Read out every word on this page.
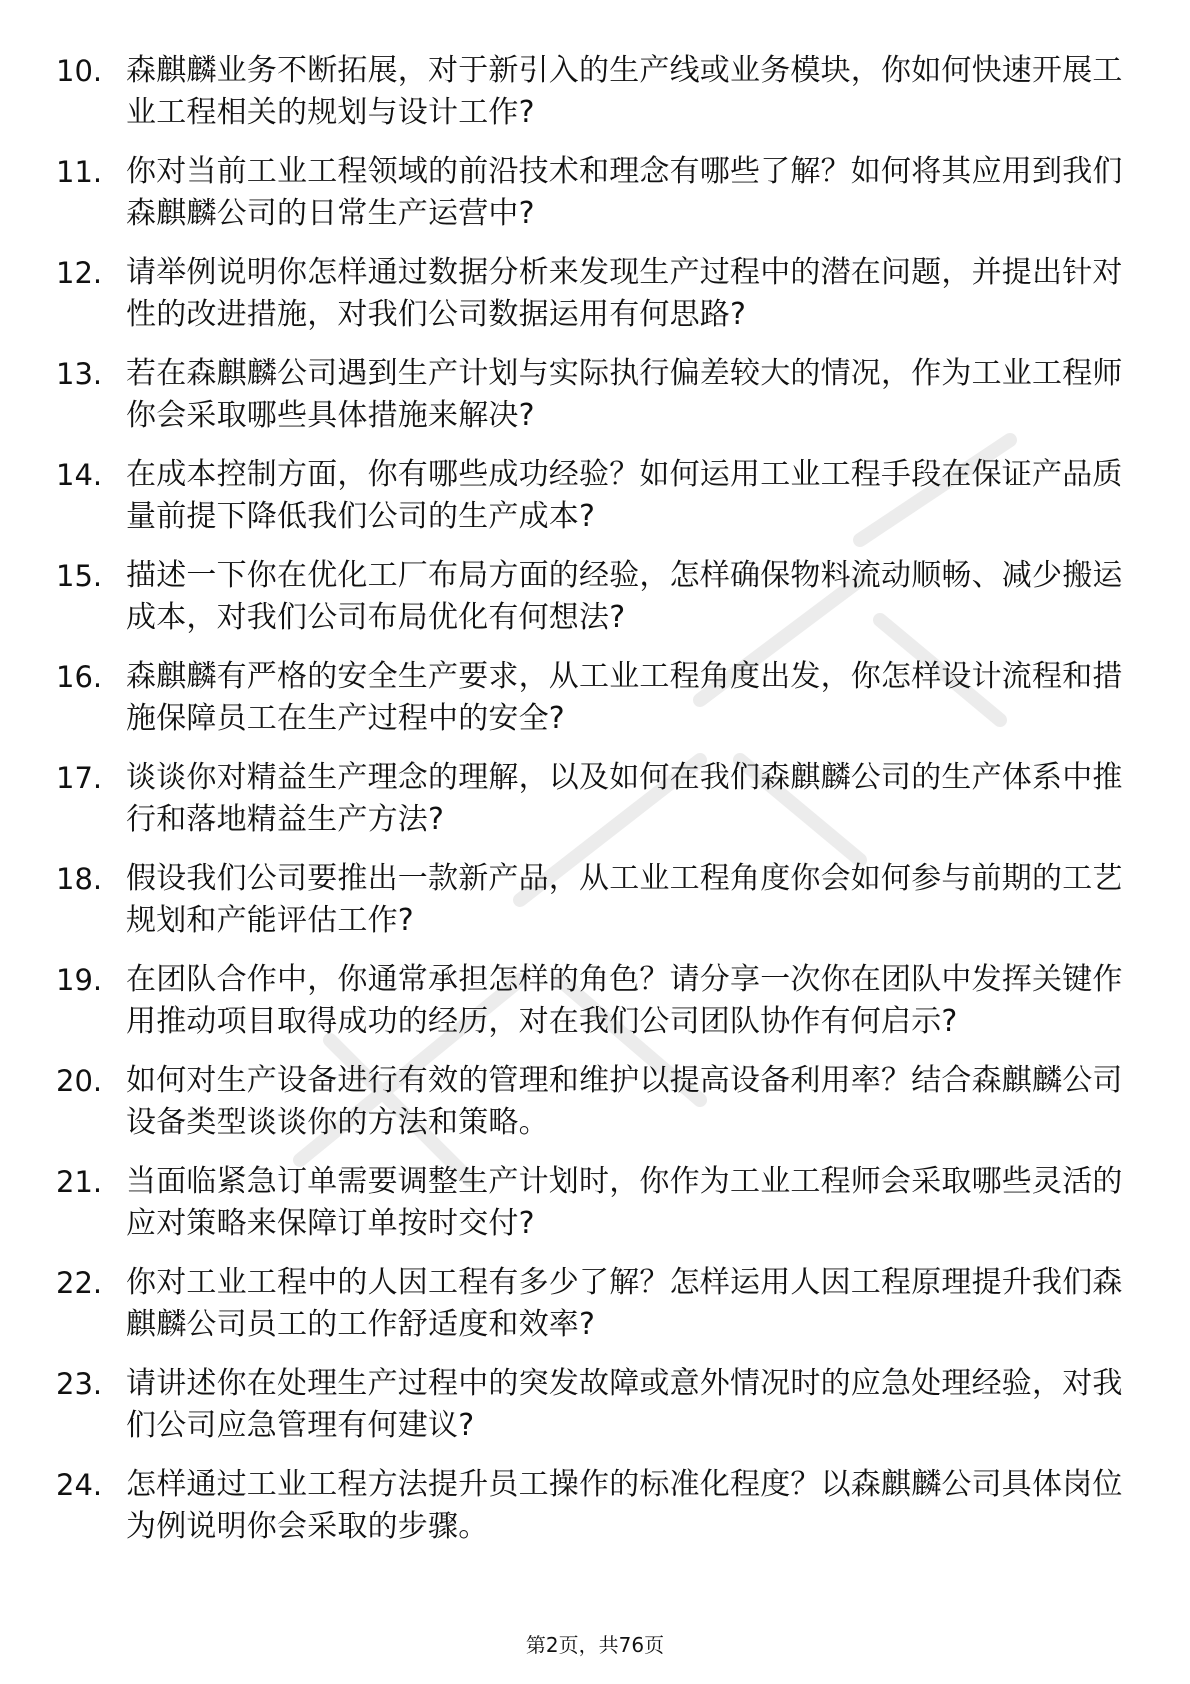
10. 森麒麟业务不断拓展，对于新引入的生产线或业务模块，你如何快速开展工业工程相关的规划与设计工作?
11. 你对当前工业工程领域的前沿技术和理念有哪些了解？如何将其应用到我们森麒麟公司的日常生产运营中?
12. 请举例说明你怎样通过数据分析来发现生产过程中的潜在问题，并提出针对性的改进措施，对我们公司数据运用有何思路?
13. 若在森麒麟公司遇到生产计划与实际执行偏差较大的情况，作为工业工程师你会采取哪些具体措施来解决?
14. 在成本控制方面，你有哪些成功经验？如何运用工业工程手段在保证产品质量前提下降低我们公司的生产成本?
15. 描述一下你在优化工厂布局方面的经验，怎样确保物料流动顺畅、减少搬运成本，对我们公司布局优化有何想法?
16. 森麒麟有严格的安全生产要求，从工业工程角度出发，你怎样设计流程和措施保障员工在生产过程中的安全?
17. 谈谈你对精益生产理念的理解，以及如何在我们森麒麟公司的生产体系中推行和落地精益生产方法?
18. 假设我们公司要推出一款新产品，从工业工程角度你会如何参与前期的工艺规划和产能评估工作?
19. 在团队合作中，你通常承担怎样的角色？请分享一次你在团队中发挥关键作用推动项目取得成功的经历，对在我们公司团队协作有何启示?
20. 如何对生产设备进行有效的管理和维护以提高设备利用率？结合森麒麟公司设备类型谈谈你的方法和策略。
21. 当面临紧急订单需要调整生产计划时，你作为工业工程师会采取哪些灵活的应对策略来保障订单按时交付?
22. 你对工业工程中的人因工程有多少了解？怎样运用人因工程原理提升我们森麒麟公司员工的工作舒适度和效率?
23. 请讲述你在处理生产过程中的突发故障或意外情况时的应急处理经验，对我们公司应急管理有何建议?
24. 怎样通过工业工程方法提升员工操作的标准化程度？以森麒麟公司具体岗位为例说明你会采取的步骤。
第2页，共76页
